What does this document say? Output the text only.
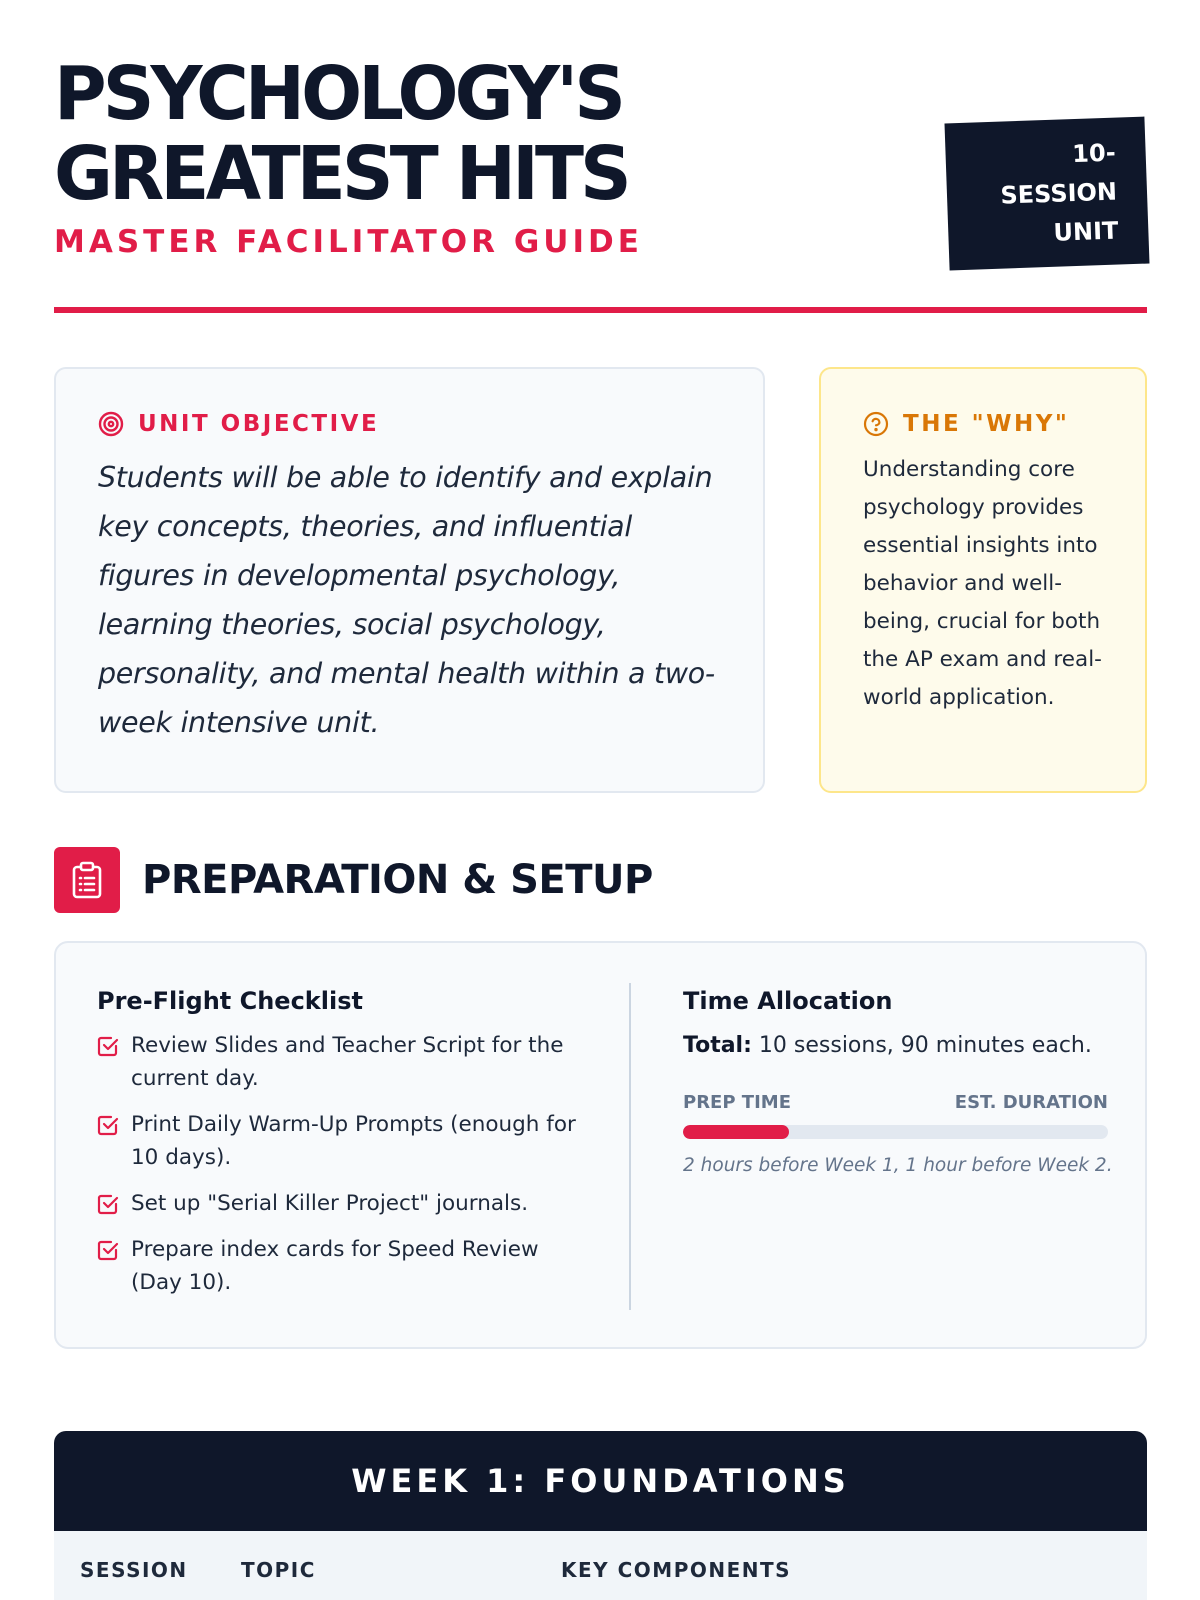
PSYCHOLOGY'S
GREATEST HITS
MASTER FACILITATOR GUIDE
10-
SESSION
UNIT
UNIT OBJECTIVE

Students will be able to identify and explain key concepts, theories, and influential figures in developmental psychology, learning theories, social psychology, personality, and mental health within a two-week intensive unit.

THE "WHY"

Understanding core psychology provides essential insights into behavior and well-being, crucial for both the AP exam and real-world application.

PREPARATION & SETUP
Pre-Flight Checklist
Review Slides and Teacher Script for the current day.
Print Daily Warm-Up Prompts (enough for 10 days).
Set up "Serial Killer Project" journals.
Prepare index cards for Speed Review (Day 10).
Time Allocation

Total: 10 sessions, 90 minutes each.

PREP TIME	EST. DURATION

2 hours before Week 1, 1 hour before Week 2.

WEEK 1: FOUNDATIONS
SESSION	TOPIC	KEY COMPONENTS
